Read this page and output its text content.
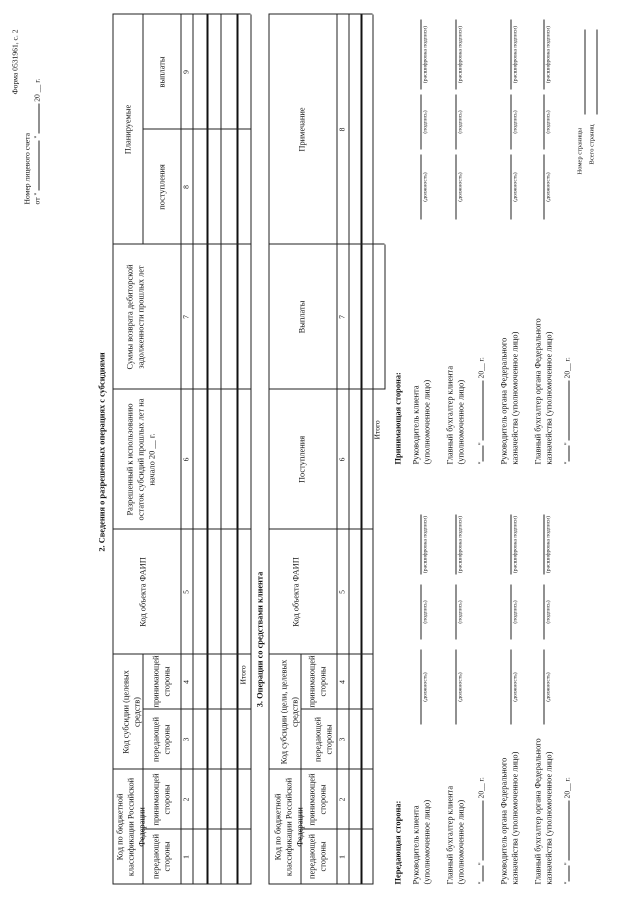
Форма 0531961, с. 2
Номер лицевого счета от "  "  20 __ г.
2. Сведения о разрешенных операциях с субсидиями
Код по бюджетной классификации Российской Федерации
Код субсидии (целевых средств)
передающей стороны
принимающей стороны
передающей стороны
принимающей стороны
Код объекта ФАИП
Разрешенный к использованию остаток субсидий прошлых лет на начало 20 __ г.
Суммы возврата дебиторской задолженности прошлых лет
Планируемые
поступления
выплаты
1
2
3
4
5
6
7
8
9
Итого 3. Операции со средствами клиента
Код по бюджетной классификации Российской Федерации
Код субсидии (цели, целевых средств)
передающей стороны
принимающей стороны
передающей стороны
принимающей стороны
Код объекта ФАИП
Поступления
Выплаты
Примечание
1
2
3
4
5
6
7
8
Итого
Передающая сторона: Руководитель клиента (уполномоченное лицо)
(должность)
(подпись)
(расшифровка подписи)
Главный бухгалтер клиента (уполномоченное лицо)
(должность)
(подпись)
(расшифровка подписи)
""  20__ г. Руководитель органа Федерального казначейства (уполномоченное лицо)
(должность)
(подпись)
(расшифровка подписи)
Главный бухгалтер органа Федерального казначейства (уполномоченное лицо)
(должность)
(подпись)
(расшифровка подписи)
""  20__ г.
Принимающая сторона: Руководитель клиента (уполномоченное лицо)
(должность)
(подпись)
(расшифровка подписи)
Главный бухгалтер клиента (уполномоченное лицо)
(должность)
(подпись)
(расшифровка подписи)
""  20__ г. Руководитель органа Федерального казначейства (уполномоченное лицо)
(должность)
(подпись)
(расшифровка подписи)
Главный бухгалтер органа Федерального казначейства (уполномоченное лицо)
(должность)
(подпись)
(расшифровка подписи)
""  20__ г.
Номер страницы Всего страниц
